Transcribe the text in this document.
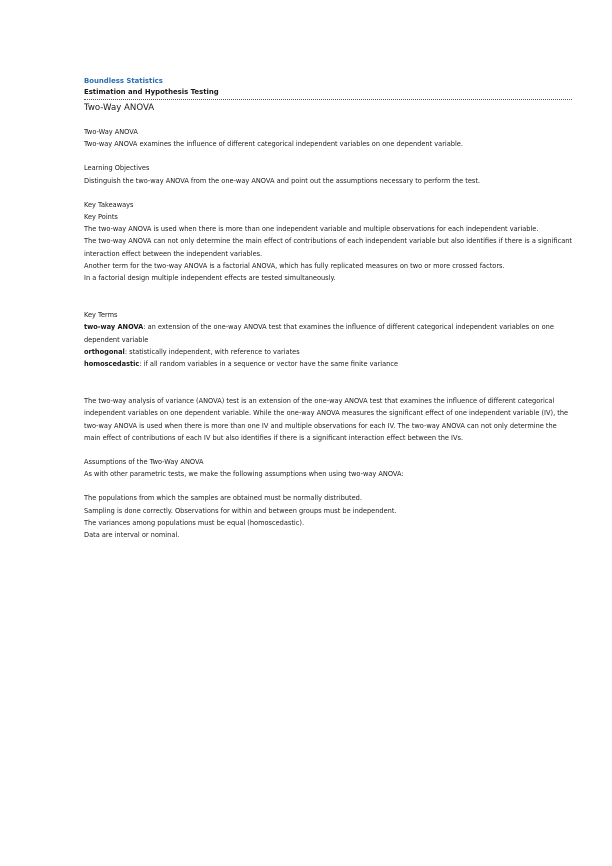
Boundless Statistics
Estimation and Hypothesis Testing
Two-Way ANOVA

Two-Way ANOVA

Two-way ANOVA examines the influence of different categorical independent variables on one dependent variable.

Learning Objectives

Distinguish the two-way ANOVA from the one-way ANOVA and point out the assumptions necessary to perform the test.

Key Takeaways

Key Points

The two-way ANOVA is used when there is more than one independent variable and multiple observations for each independent variable.

The two-way ANOVA can not only determine the main effect of contributions of each independent variable but also identifies if there is a significant interaction effect between the independent variables.

Another term for the two-way ANOVA is a factorial ANOVA, which has fully replicated measures on two or more crossed factors.

In a factorial design multiple independent effects are tested simultaneously.

Key Terms

two-way ANOVA: an extension of the one-way ANOVA test that examines the influence of different categorical independent variables on one dependent variable

orthogonal: statistically independent, with reference to variates

homoscedastic: if all random variables in a sequence or vector have the same finite variance

The two-way analysis of variance (ANOVA) test is an extension of the one-way ANOVA test that examines the influence of different categorical independent variables on one dependent variable. While the one-way ANOVA measures the significant effect of one independent variable (IV), the two-way ANOVA is used when there is more than one IV and multiple observations for each IV. The two-way ANOVA can not only determine the main effect of contributions of each IV but also identifies if there is a significant interaction effect between the IVs.

Assumptions of the Two-Way ANOVA

As with other parametric tests, we make the following assumptions when using two-way ANOVA:

The populations from which the samples are obtained must be normally distributed.

Sampling is done correctly. Observations for within and between groups must be independent.

The variances among populations must be equal (homoscedastic).

Data are interval or nominal.
